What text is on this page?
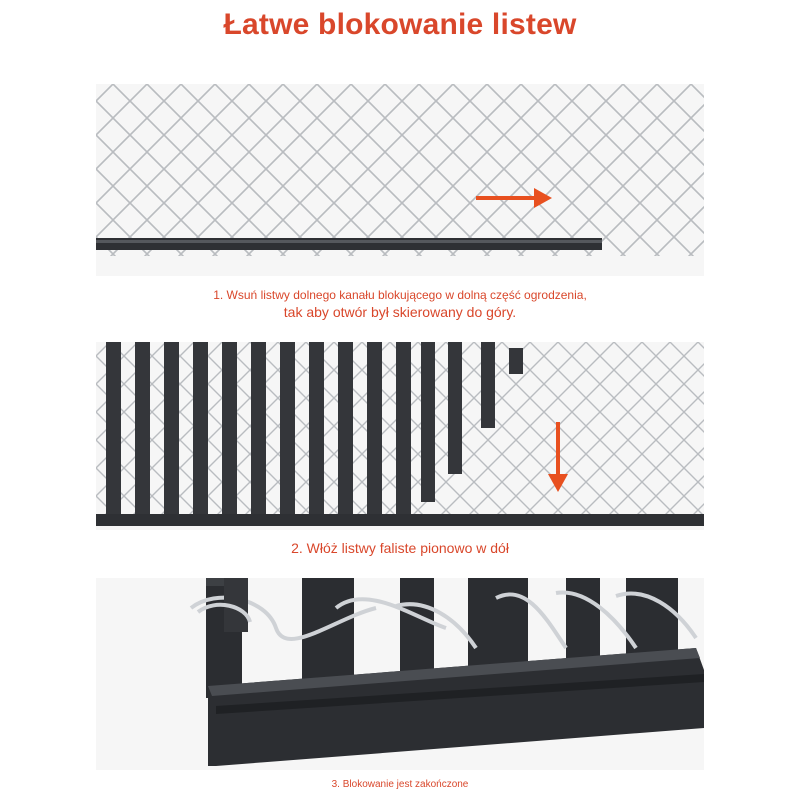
Łatwe blokowanie listew
1. Wsuń listwy dolnego kanału blokującego w dolną część ogrodzenia,
tak aby otwór był skierowany do góry.
2. Włóż listwy faliste pionowo w dół
3. Blokowanie jest zakończone
